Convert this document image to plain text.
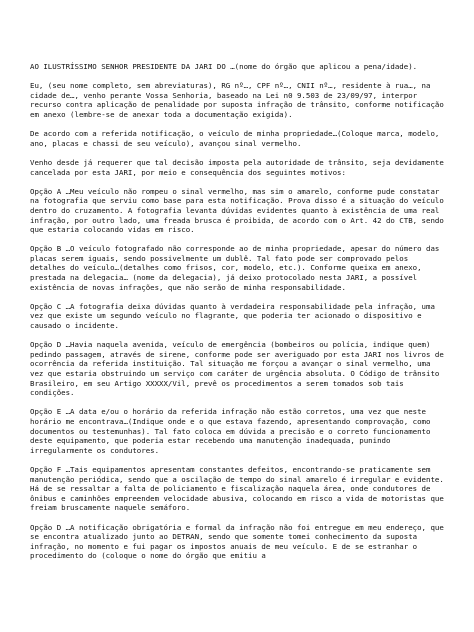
AO ILUSTRÍSSIMO SENHOR PRESIDENTE DA JARI DO …(nome do órgão que aplicou a pena/idade).

Eu, (seu nome completo, sem abreviaturas), RG nº…, CPF nº…, CNII nº…, residente à rua…, na cidade de…, venho perante Vossa Senhoria, baseado na Lei n0 9.503 de 23/09/97, interpor recurso contra aplicação de penalidade por suposta infração de trânsito, conforme notificação em anexo (lembre-se de anexar toda a documentação exigida).

De acordo com a referida notificação, o veículo de minha propriedade…(Coloque marca, modelo, ano, placas e chassi de seu veículo), avançou sinal vermelho.

Venho desde já requerer que tal decisão imposta pela autoridade de trânsito, seja devidamente cancelada por esta JARI, por meio e consequência dos seguintes motivos:

Opção A …Meu veículo não rompeu o sinal vermelho, mas sim o amarelo, conforme pude constatar na fotografia que serviu como base para esta notificação. Prova disso é a situação do veículo dentro do cruzamento. A fotografia levanta dúvidas evidentes quanto à existência de uma real infração, por outro lado, uma freada brusca é proibida, de acordo com o Art. 42 do CTB, sendo que estaria colocando vidas em risco.

Opção B …O veículo fotografado não corresponde ao de minha propriedade, apesar do número das placas serem iguais, sendo possivelmente um dublê. Tal fato pode ser comprovado pelos detalhes do veículo…(detalhes como frisos, cor, modelo, etc.). Conforme queixa em anexo, prestada na delegacia… (nome da delegacia), já deixo protocolado nesta JARI, a possível existência de novas infrações, que não serão de minha responsabilidade.

Opção C …A fotografia deixa dúvidas quanto à verdadeira responsabilidade pela infração, uma vez que existe um segundo veículo no flagrante, que poderia ter acionado o dispositivo e causado o incidente.

Opção D …Havia naquela avenida, veículo de emergência (bombeiros ou polícia, indique quem) pedindo passagem, através de sirene, conforme pode ser averiguado por esta JARI nos livros de ocorrência da referida instituição. Tal situação me forçou a avançar o sinal vermelho, uma vez que estaria obstruindo um serviço com caráter de urgência absoluta. O Código de trânsito Brasileiro, em seu Artigo XXXXX/Vil, prevê os procedimentos a serem tomados sob tais condições.

Opção E …A data e/ou o horário da referida infração não estão corretos, uma vez que neste horário me encontrava…(Indique onde e o que estava fazendo, apresentando comprovação, como documentos ou testemunhas). Tal fato coloca em dúvida a precisão e o correto funcionamento deste equipamento, que poderia estar recebendo uma manutenção inadequada, punindo irregularmente os condutores.

Opção F …Tais equipamentos apresentam constantes defeitos, encontrando-se praticamente sem manutenção periódica, sendo que a oscilação de tempo do sinal amarelo é irregular e evidente. Há de se ressaltar a falta de policiamento e fiscalização naquela área, onde condutores de ônibus e caminhões empreendem velocidade abusiva, colocando em risco a vida de motoristas que freiam bruscamente naquele semáforo.

Opção D …A notificação obrigatória e formal da infração não foi entregue em meu endereço, que se encontra atualizado junto ao DETRAN, sendo que somente tomei conhecimento da suposta infração, no momento e fui pagar os impostos anuais de meu veículo. E de se estranhar o procedimento do (coloque o nome do órgão que emitiu a
